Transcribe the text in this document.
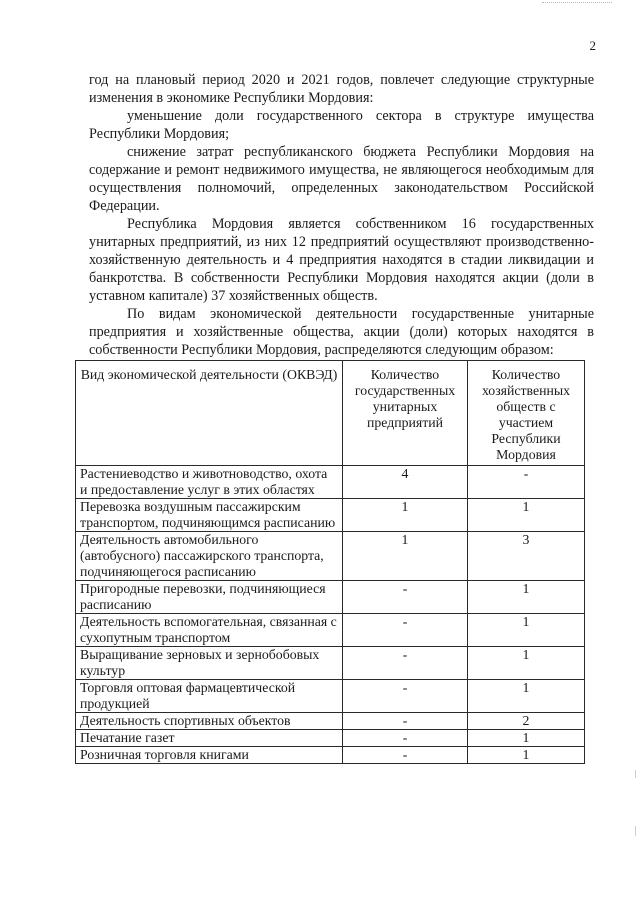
2

год на плановый период 2020 и 2021 годов, повлечет следующие структурные изменения в экономике Республики Мордовия:

уменьшение доли государственного сектора в структуре имущества Республики Мордовия;

снижение затрат республиканского бюджета Республики Мордовия на содержание и ремонт недвижимого имущества, не являющегося необходимым для осуществления полномочий, определенных законодательством Российской Федерации.

Республика Мордовия является собственником 16 государственных унитарных предприятий, из них 12 предприятий осуществляют производственно-хозяйственную деятельность и 4 предприятия находятся в стадии ликвидации и банкротства. В собственности Республики Мордовия находятся акции (доли в уставном капитале) 37 хозяйственных обществ.

По видам экономической деятельности государственные унитарные предприятия и хозяйственные общества, акции (доли) которых находятся в собственности Республики Мордовия, распределяются следующим образом:

Вид экономической деятельности (ОКВЭД)	Количество государственных унитарных предприятий	Количество хозяйственных обществ с участием Республики Мордовия
Растениеводство и животноводство, охота и предоставление услуг в этих областях	4	-
Перевозка воздушным пассажирским транспортом, подчиняющимся расписанию	1	1
Деятельность автомобильного (автобусного) пассажирского транспорта, подчиняющегося расписанию	1	3
Пригородные перевозки, подчиняющиеся расписанию	-	1
Деятельность вспомогательная, связанная с сухопутным транспортом	-	1
Выращивание зерновых и зернобобовых культур	-	1
Торговля оптовая фармацевтической продукцией	-	1
Деятельность спортивных объектов	-	2
Печатание газет	-	1
Розничная торговля книгами	-	1
